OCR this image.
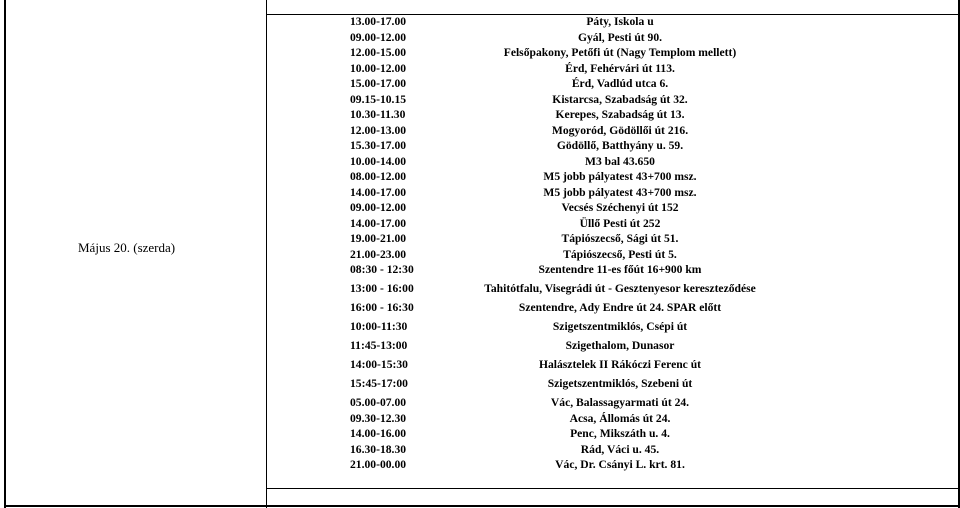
Május 20. (szerda)
13.00-17.00	Páty, Iskola u
09.00-12.00	Gyál, Pesti út 90.
12.00-15.00	Felsőpakony, Petőfi út (Nagy Templom mellett)
10.00-12.00	Érd, Fehérvári út 113.
15.00-17.00	Érd, Vadlúd utca 6.
09.15-10.15	Kistarcsa, Szabadság út 32.
10.30-11.30	Kerepes, Szabadság út 13.
12.00-13.00	Mogyoród, Gödöllői út 216.
15.30-17.00	Gödöllő, Batthyány u. 59.
10.00-14.00	M3 bal 43.650
08.00-12.00	M5 jobb pályatest 43+700 msz.
14.00-17.00	M5 jobb pályatest 43+700 msz.
09.00-12.00	Vecsés Széchenyi út 152
14.00-17.00	Üllő Pesti út 252
19.00-21.00	Tápiószecső, Sági út 51.
21.00-23.00	Tápiószecső, Pesti út 5.
08:30 - 12:30	Szentendre 11-es főút 16+900 km
13:00 - 16:00	Tahitótfalu, Visegrádi út - Gesztenyesor kereszteződése
16:00 - 16:30	Szentendre, Ady Endre út 24. SPAR előtt
10:00-11:30	Szigetszentmiklós, Csépi út
11:45-13:00	Szigethalom, Dunasor
14:00-15:30	Halásztelek II Rákóczi Ferenc út
15:45-17:00	Szigetszentmiklós, Szebeni út
05.00-07.00	Vác, Balassagyarmati út 24.
09.30-12.30	Acsa, Állomás út 24.
14.00-16.00	Penc, Mikszáth u. 4.
16.30-18.30	Rád, Váci u. 45.
21.00-00.00	Vác, Dr. Csányi L. krt. 81.
